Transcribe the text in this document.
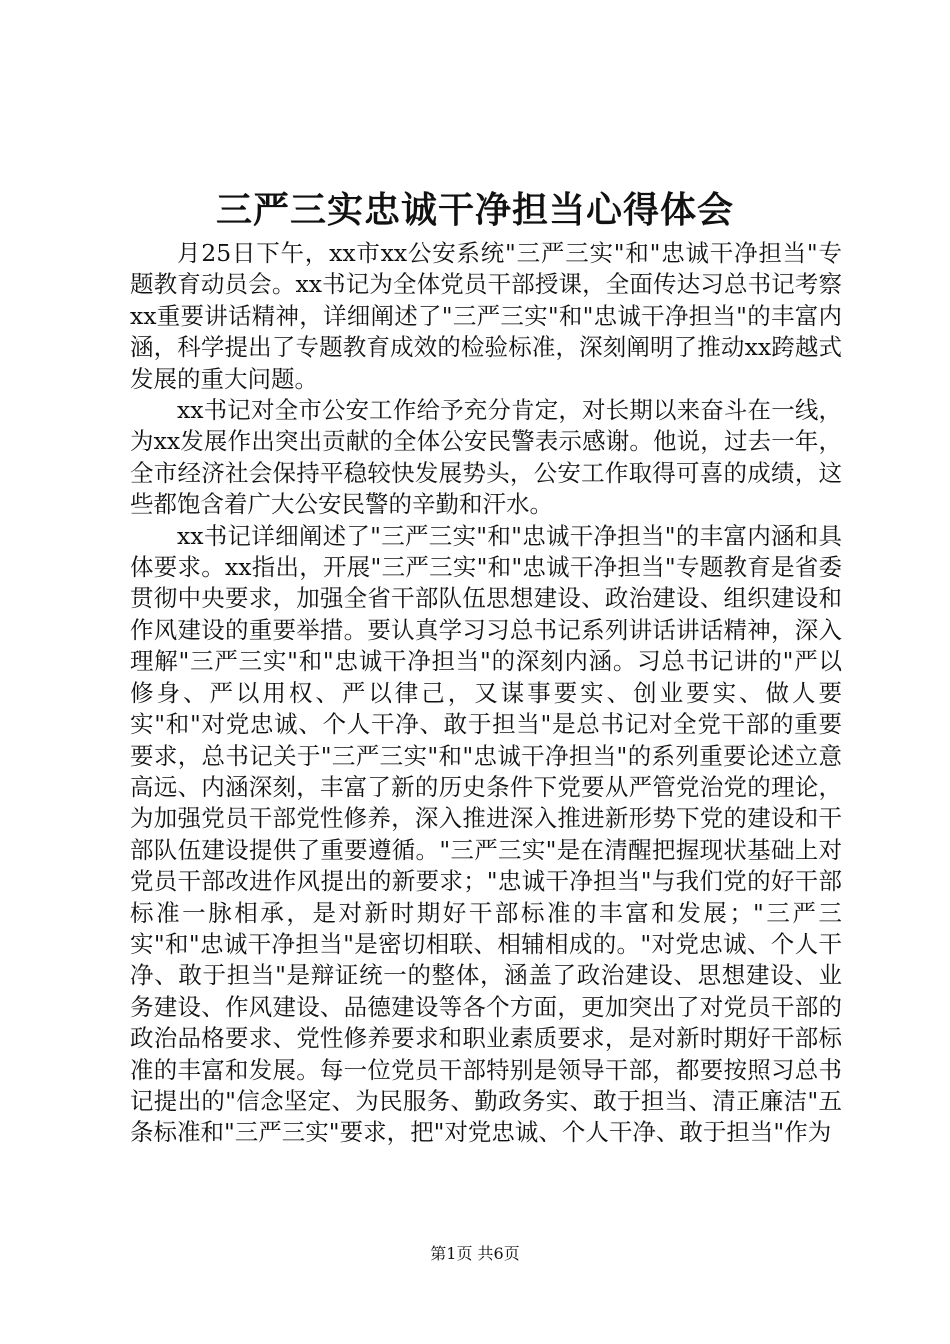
三严三实忠诚干净担当心得体会

月25日下午，xx市xx公安系统"三严三实"和"忠诚干净担当"专题教育动员会。xx书记为全体党员干部授课，全面传达习总书记考察xx重要讲话精神，详细阐述了"三严三实"和"忠诚干净担当"的丰富内涵，科学提出了专题教育成效的检验标准，深刻阐明了推动xx跨越式发展的重大问题。

xx书记对全市公安工作给予充分肯定，对长期以来奋斗在一线，为xx发展作出突出贡献的全体公安民警表示感谢。他说，过去一年，全市经济社会保持平稳较快发展势头，公安工作取得可喜的成绩，这些都饱含着广大公安民警的辛勤和汗水。

xx书记详细阐述了"三严三实"和"忠诚干净担当"的丰富内涵和具体要求。xx指出，开展"三严三实"和"忠诚干净担当"专题教育是省委贯彻中央要求，加强全省干部队伍思想建设、政治建设、组织建设和作风建设的重要举措。要认真学习习总书记系列讲话讲话精神，深入理解"三严三实"和"忠诚干净担当"的深刻内涵。习总书记讲的"严以修身、严以用权、严以律己，又谋事要实、创业要实、做人要实"和"对党忠诚、个人干净、敢于担当"是总书记对全党干部的重要要求，总书记关于"三严三实"和"忠诚干净担当"的系列重要论述立意高远、内涵深刻，丰富了新的历史条件下党要从严管党治党的理论，为加强党员干部党性修养，深入推进深入推进新形势下党的建设和干部队伍建设提供了重要遵循。"三严三实"是在清醒把握现状基础上对党员干部改进作风提出的新要求；"忠诚干净担当"与我们党的好干部标准一脉相承，是对新时期好干部标准的丰富和发展；"三严三实"和"忠诚干净担当"是密切相联、相辅相成的。"对党忠诚、个人干净、敢于担当"是辩证统一的整体，涵盖了政治建设、思想建设、业务建设、作风建设、品德建设等各个方面，更加突出了对党员干部的政治品格要求、党性修养要求和职业素质要求，是对新时期好干部标准的丰富和发展。每一位党员干部特别是领导干部，都要按照习总书记提出的"信念坚定、为民服务、勤政务实、敢于担当、清正廉洁"五条标准和"三严三实"要求，把"对党忠诚、个人干净、敢于担当"作为

第1页 共6页
